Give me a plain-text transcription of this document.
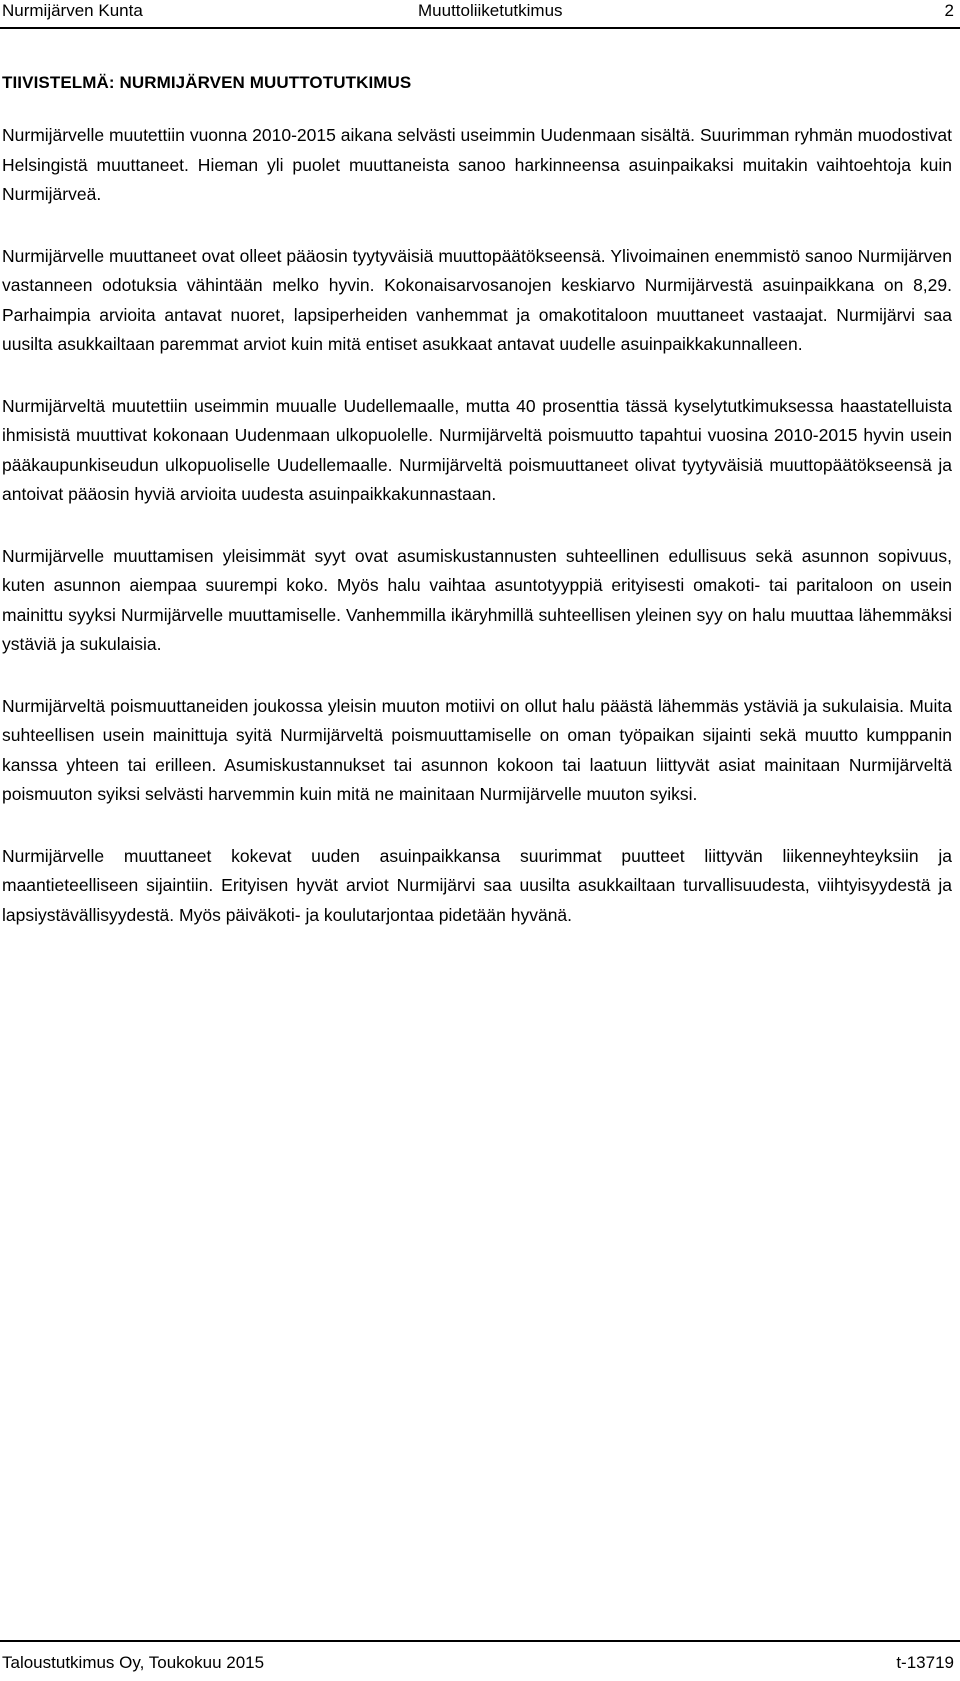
Nurmijärven Kunta	Muuttoliiketutkimus	2
TIIVISTELMÄ: NURMIJÄRVEN MUUTTOTUTKIMUS

Nurmijärvelle muutettiin vuonna 2010-2015 aikana selvästi useimmin Uudenmaan sisältä. Suurimman ryhmän muodostivat Helsingistä muuttaneet. Hieman yli puolet muuttaneista sanoo harkinneensa asuinpaikaksi muitakin vaihtoehtoja kuin Nurmijärveä.

Nurmijärvelle muuttaneet ovat olleet pääosin tyytyväisiä muuttopäätökseensä. Ylivoimainen enemmistö sanoo Nurmijärven vastanneen odotuksia vähintään melko hyvin. Kokonaisarvosanojen keskiarvo Nurmijärvestä asuinpaikkana on 8,29. Parhaimpia arvioita antavat nuoret, lapsiperheiden vanhemmat ja omakotitaloon muuttaneet vastaajat. Nurmijärvi saa uusilta asukkailtaan paremmat arviot kuin mitä entiset asukkaat antavat uudelle asuinpaikkakunnalleen.

Nurmijärveltä muutettiin useimmin muualle Uudellemaalle, mutta 40 prosenttia tässä kyselytutkimuksessa haastatelluista ihmisistä muuttivat kokonaan Uudenmaan ulkopuolelle. Nurmijärveltä poismuutto tapahtui vuosina 2010-2015 hyvin usein pääkaupunkiseudun ulkopuoliselle Uudellemaalle. Nurmijärveltä poismuuttaneet olivat tyytyväisiä muuttopäätökseensä ja antoivat pääosin hyviä arvioita uudesta asuinpaikkakunnastaan.

Nurmijärvelle muuttamisen yleisimmät syyt ovat asumiskustannusten suhteellinen edullisuus sekä asunnon sopivuus, kuten asunnon aiempaa suurempi koko. Myös halu vaihtaa asuntotyyppiä erityisesti omakoti- tai paritaloon on usein mainittu syyksi Nurmijärvelle muuttamiselle. Vanhemmilla ikäryhmillä suhteellisen yleinen syy on halu muuttaa lähemmäksi ystäviä ja sukulaisia.

Nurmijärveltä poismuuttaneiden joukossa yleisin muuton motiivi on ollut halu päästä lähemmäs ystäviä ja sukulaisia. Muita suhteellisen usein mainittuja syitä Nurmijärveltä poismuuttamiselle on oman työpaikan sijainti sekä muutto kumppanin kanssa yhteen tai erilleen. Asumiskustannukset tai asunnon kokoon tai laatuun liittyvät asiat mainitaan Nurmijärveltä poismuuton syiksi selvästi harvemmin kuin mitä ne mainitaan Nurmijärvelle muuton syiksi.

Nurmijärvelle muuttaneet kokevat uuden asuinpaikkansa suurimmat puutteet liittyvän liikenneyhteyksiin ja maantieteelliseen sijaintiin. Erityisen hyvät arviot Nurmijärvi saa uusilta asukkailtaan turvallisuudesta, viihtyisyydestä ja lapsiystävällisyydestä. Myös päiväkoti- ja koulutarjontaa pidetään hyvänä.

Taloustutkimus Oy, Toukokuu 2015	t-13719
